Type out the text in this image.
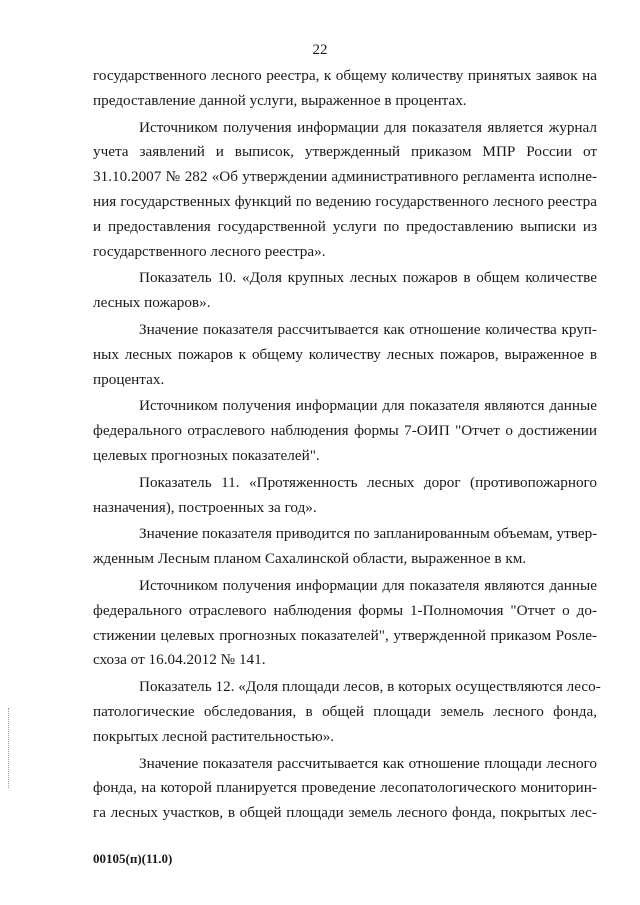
22
государственного лесного реестра, к общему количеству принятых заявок на
предоставление данной услуги, выраженное в процентах.
Источником получения информации для показателя является журнал
учета заявлений и выписок, утвержденный приказом МПР России от
31.10.2007 № 282 «Об утверждении административного регламента исполне-
ния государственных функций по ведению государственного лесного реестра
и предоставления государственной услуги по предоставлению выписки из
государственного лесного реестра».
Показатель 10. «Доля крупных лесных пожаров в общем количестве
лесных пожаров».
Значение показателя рассчитывается как отношение количества круп-
ных лесных пожаров к общему количеству лесных пожаров, выраженное в
процентах.
Источником получения информации для показателя являются данные
федерального отраслевого наблюдения формы 7-ОИП "Отчет о достижении
целевых прогнозных показателей".
Показатель 11. «Протяженность лесных дорог (противопожарного
назначения), построенных за год».
Значение показателя приводится по запланированным объемам, утвер-
жденным Лесным планом Сахалинской области, выраженное в км.
Источником получения информации для показателя являются данные
федерального отраслевого наблюдения формы 1-Полномочия "Отчет о до-
стижении целевых прогнозных показателей", утвержденной приказом Рosле-
схоза от 16.04.2012 № 141.
Показатель 12. «Доля площади лесов, в которых осуществляются лесо-
патологические обследования, в общей площади земель лесного фонда,
покрытых лесной растительностью».
Значение показателя рассчитывается как отношение площади лесного
фонда, на которой планируется проведение лесопатологического мониторин-
га лесных участков, в общей площади земель лесного фонда, покрытых лес-
00105(п)(11.0)
